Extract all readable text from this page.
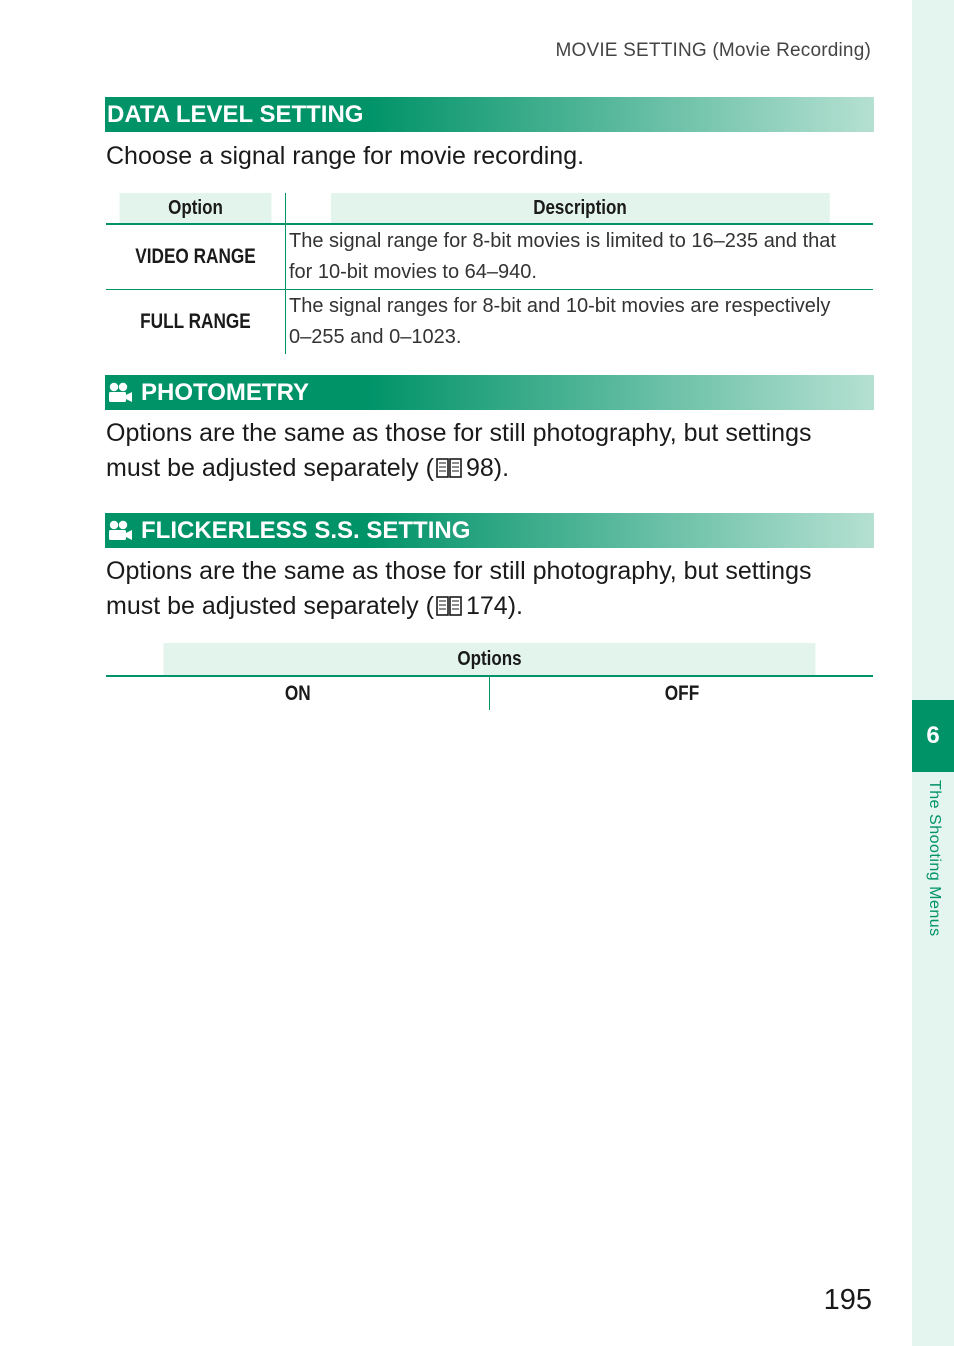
6
The Shooting Menus
MOVIE SETTING (Movie Recording)
DATA LEVEL SETTING
Choose a signal range for movie recording.
Option	Description
VIDEO RANGE	The signal range for 8-bit movies is limited to 16–235 and that
for 10-bit movies to 64–940.

FULL RANGE	The signal ranges for 8-bit and 10-bit movies are respectively
0–255 and 0–1023.
PHOTOMETRY
Options are the same as those for still photography, but settings
must be adjusted separately ( 98).
FLICKERLESS S.S. SETTING
Options are the same as those for still photography, but settings
must be adjusted separately ( 174).
Options
ON	OFF
195
